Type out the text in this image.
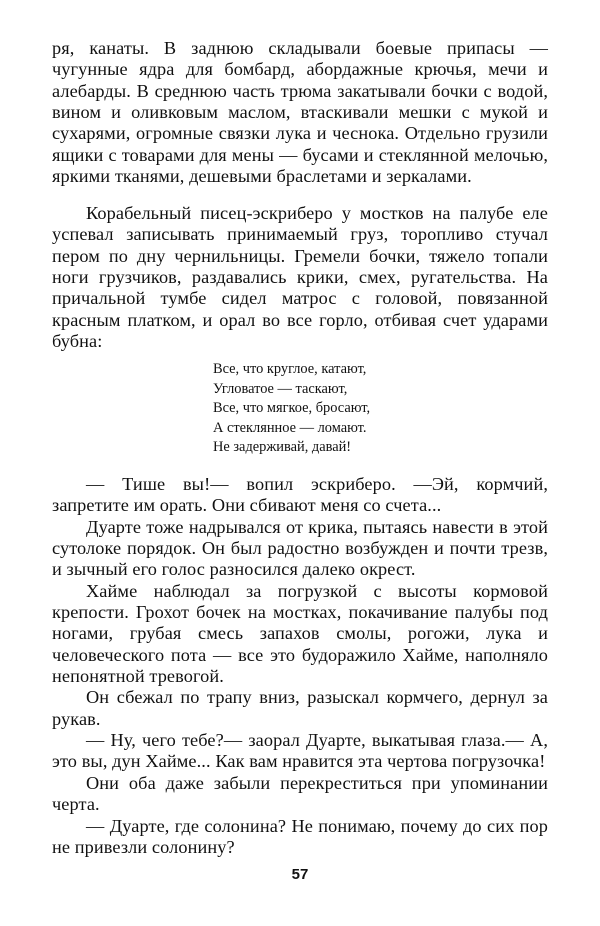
ря, канаты. В заднюю складывали боевые припасы — чугунные ядра для бомбард, абордажные крючья, мечи и алебарды. В среднюю часть трюма закатывали бочки с водой, вином и оливковым маслом, втаскивали мешки с мукой и сухарями, огромные связки лука и чеснока. Отдельно грузили ящики с товарами для мены — бусами и стеклянной мелочью, яркими тканями, дешевыми браслетами и зеркалами.

Корабельный писец-эскриберо у мостков на палубе еле успевал записывать принимаемый груз, торопливо стучал пером по дну чернильницы. Гремели бочки, тяжело топали ноги грузчиков, раздавались крики, смех, ругательства. На причальной тумбе сидел матрос с головой, повязанной красным платком, и орал во все горло, отбивая счет ударами бубна:

Все, что круглое, катают,
Угловатое — таскают,
Все, что мягкое, бросают,
А стеклянное — ломают.
Не задерживай, давай!

— Тише вы!— вопил эскриберо. —Эй, кормчий, запретите им орать. Они сбивают меня со счета...

Дуарте тоже надрывался от крика, пытаясь навести в этой сутолоке порядок. Он был радостно возбужден и почти трезв, и зычный его голос разносился далеко окрест.

Хайме наблюдал за погрузкой с высоты кормовой крепости. Грохот бочек на мостках, покачивание палубы под ногами, грубая смесь запахов смолы, рогожи, лука и человеческого пота — все это будоражило Хайме, наполняло непонятной тревогой.

Он сбежал по трапу вниз, разыскал кормчего, дернул за рукав.

— Ну, чего тебе?— заорал Дуарте, выкатывая глаза.— А, это вы, дун Хайме... Как вам нравится эта чертова погрузочка!

Они оба даже забыли перекреститься при упоминании черта.

— Дуарте, где солонина? Не понимаю, почему до сих пор не привезли солонину?

57
